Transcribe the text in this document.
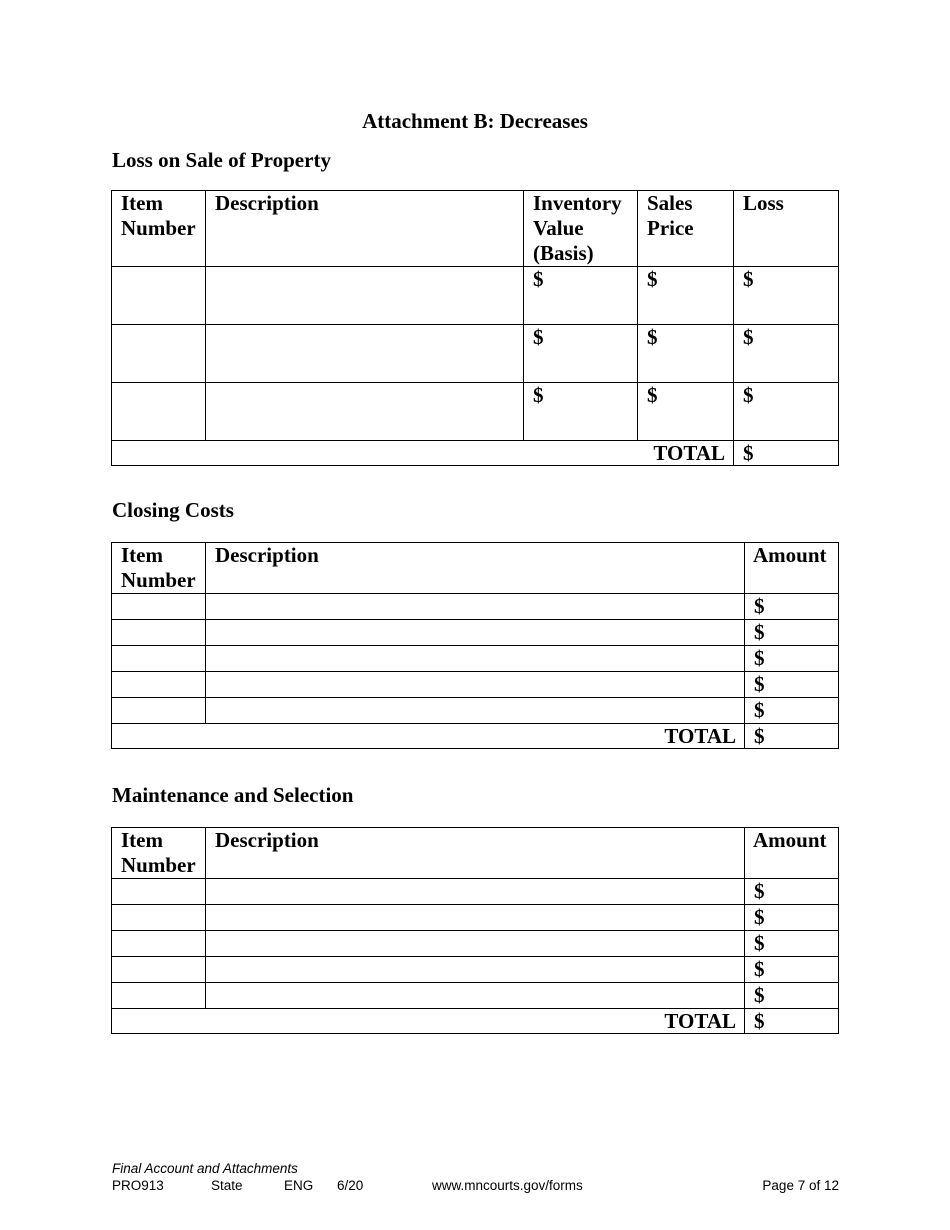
Attachment B: Decreases
Loss on Sale of Property
Item Number	Description	Inventory Value (Basis)	Sales Price	Loss
		$	$	$
		$	$	$
		$	$	$
TOTAL				$
Closing Costs
Item Number	Description	Amount
		$
		$
		$
		$
		$
TOTAL		$
Maintenance and Selection
Item Number	Description	Amount
		$
		$
		$
		$
		$
TOTAL		$
Final Account and Attachments
PRO913	State	ENG 6/20	www.mncourts.gov/forms	Page 7 of 12
